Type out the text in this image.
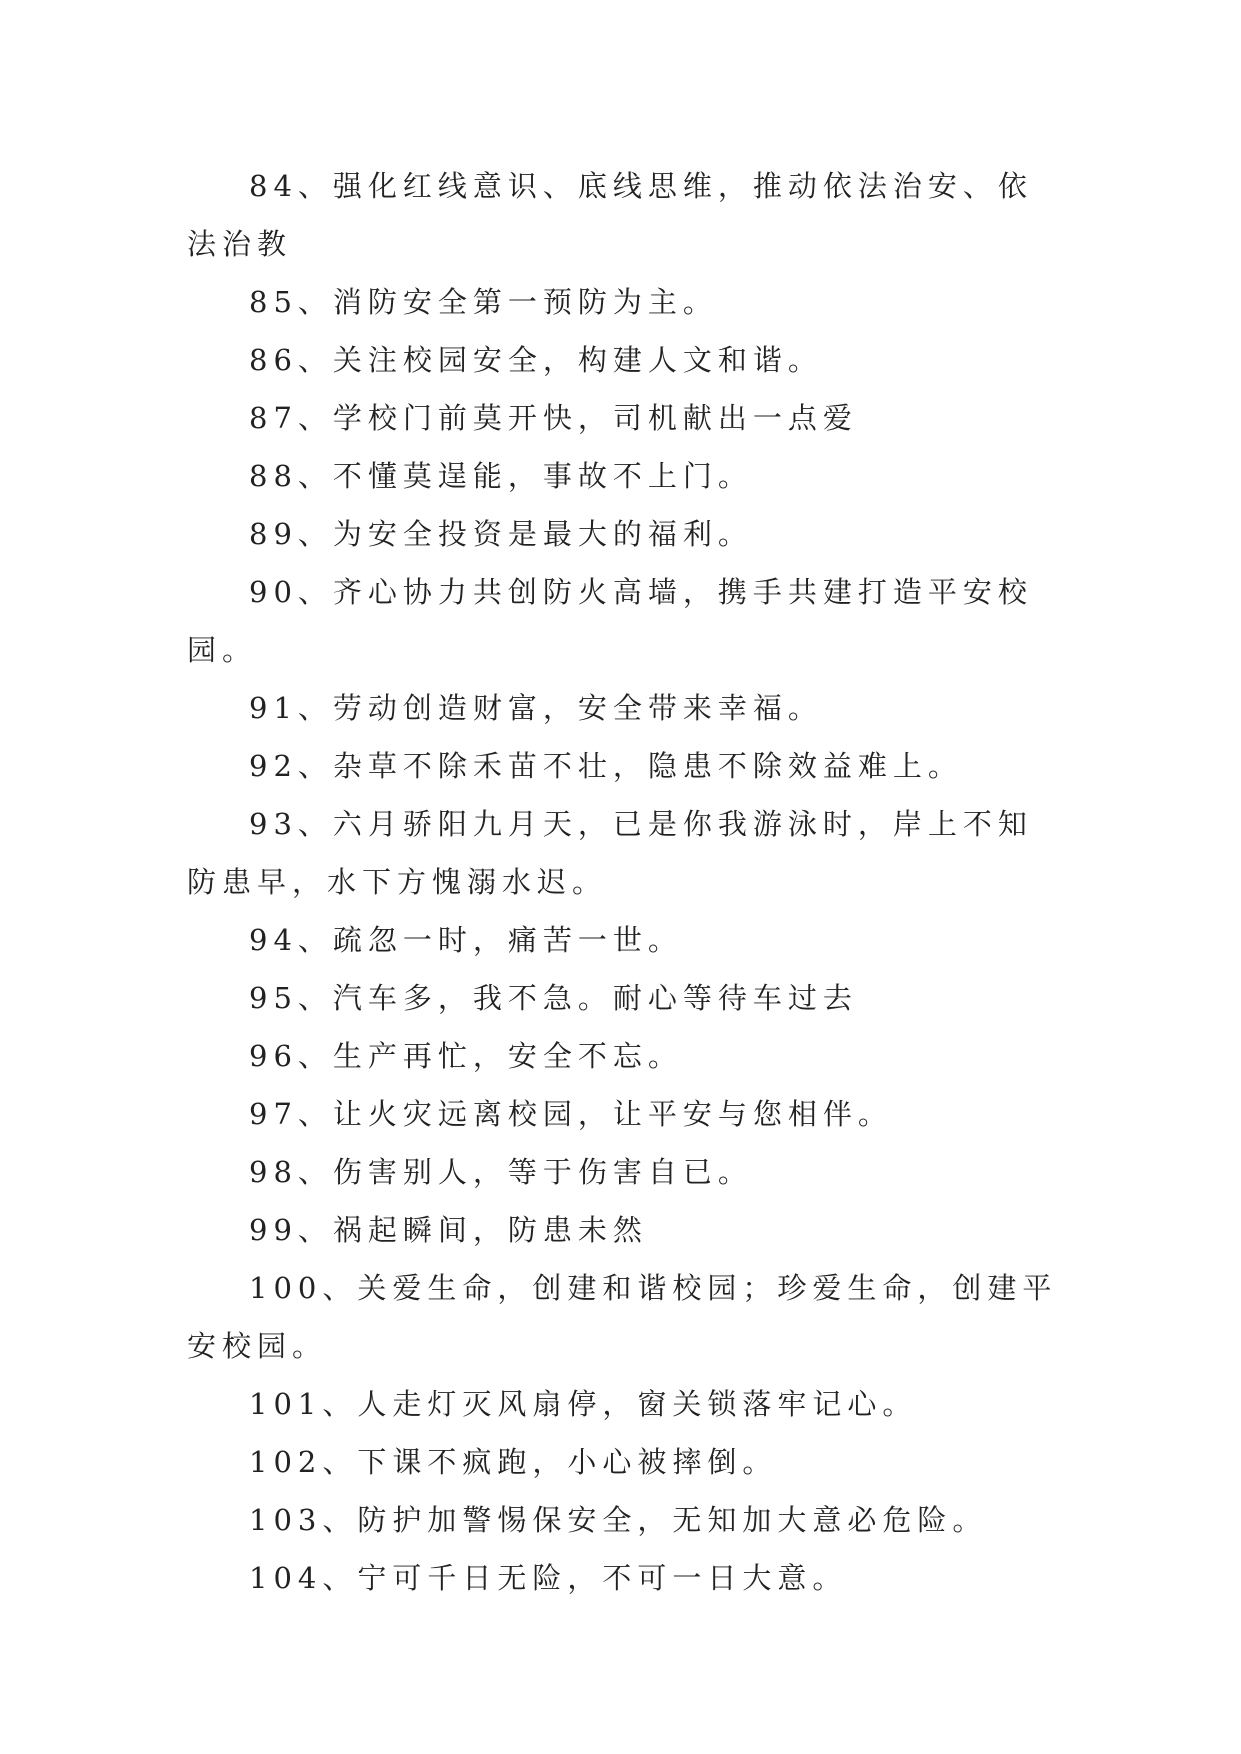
84、强化红线意识、底线思维，推动依法治安、依法治教

85、消防安全第一预防为主。

86、关注校园安全，构建人文和谐。

87、学校门前莫开快，司机献出一点爱

88、不懂莫逞能，事故不上门。

89、为安全投资是最大的福利。

90、齐心协力共创防火高墙，携手共建打造平安校园。

91、劳动创造财富，安全带来幸福。

92、杂草不除禾苗不壮，隐患不除效益难上。

93、六月骄阳九月天，已是你我游泳时，岸上不知防患早，水下方愧溺水迟。

94、疏忽一时，痛苦一世。

95、汽车多，我不急。耐心等待车过去

96、生产再忙，安全不忘。

97、让火灾远离校园，让平安与您相伴。

98、伤害别人，等于伤害自已。

99、祸起瞬间，防患未然

100、关爱生命，创建和谐校园；珍爱生命，创建平安校园。

101、人走灯灭风扇停，窗关锁落牢记心。

102、下课不疯跑，小心被摔倒。

103、防护加警惕保安全，无知加大意必危险。

104、宁可千日无险，不可一日大意。
